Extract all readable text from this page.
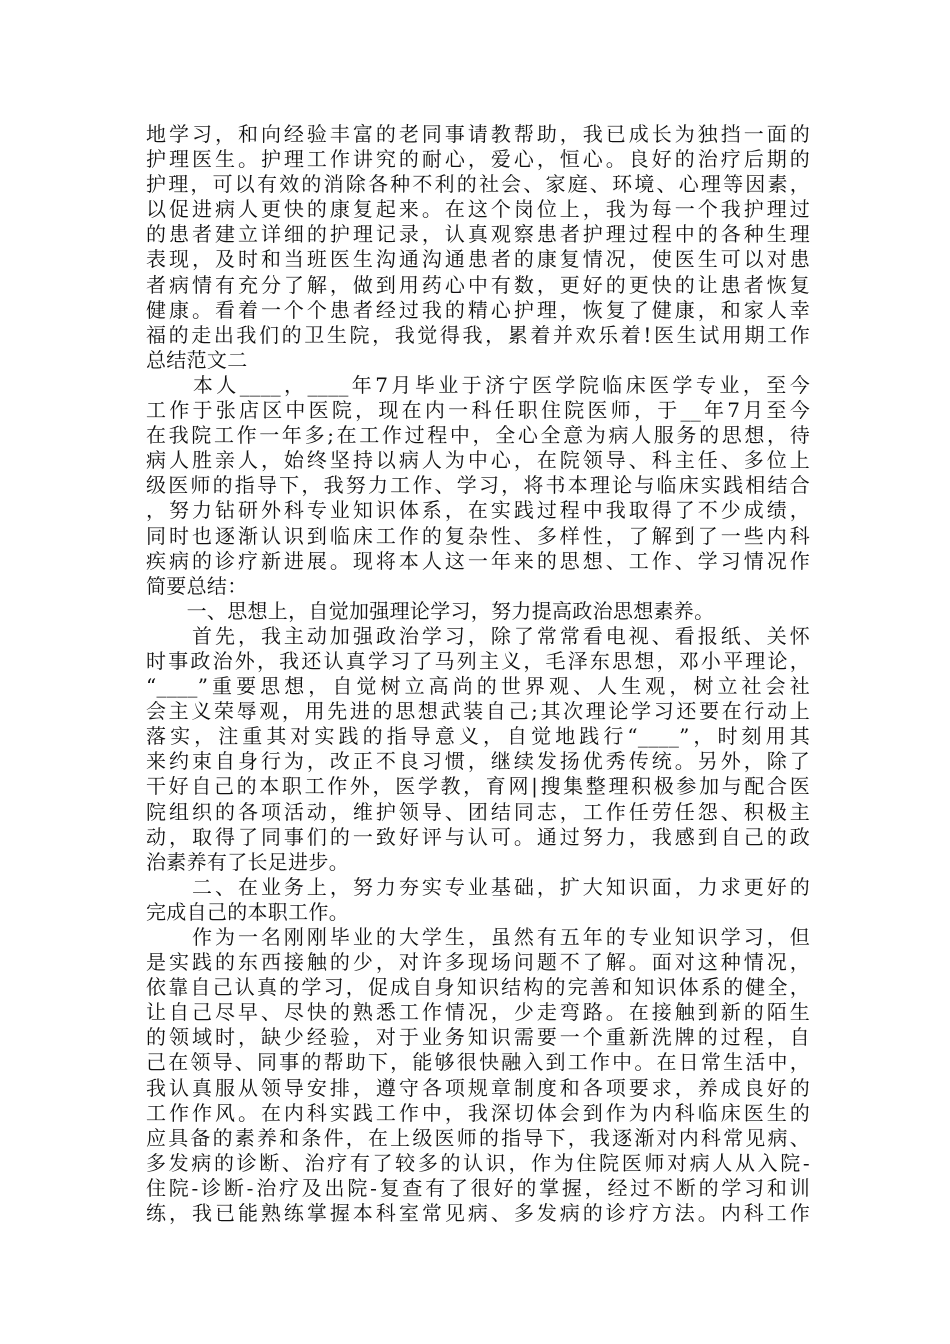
地学习，和向经验丰富的老同事请教帮助，我已成长为独挡一面的
护理医生。护理工作讲究的耐心，爱心，恒心。良好的治疗后期的
护理，可以有效的消除各种不利的社会、家庭、环境、心理等因素，
以促进病人更快的康复起来。在这个岗位上，我为每一个我护理过
的患者建立详细的护理记录，认真观察患者护理过程中的各种生理
表现，及时和当班医生沟通沟通患者的康复情况，使医生可以对患
者病情有充分了解，做到用药心中有数，更好的更快的让患者恢复
健康。看着一个个患者经过我的精心护理，恢复了健康，和家人幸
福的走出我们的卫生院，我觉得我，累着并欢乐着!医生试用期工作
总结范文二
　　本人____，____年7月毕业于济宁医学院临床医学专业，至今
工作于张店区中医院，现在内一科任职住院医师，于__年7月至今
在我院工作一年多;在工作过程中，全心全意为病人服务的思想，待
病人胜亲人，始终坚持以病人为中心，在院领导、科主任、多位上
级医师的指导下，我努力工作、学习，将书本理论与临床实践相结合
，努力钻研外科专业知识体系，在实践过程中我取得了不少成绩，
同时也逐渐认识到临床工作的复杂性、多样性，了解到了一些内科
疾病的诊疗新进展。现将本人这一年来的思想、工作、学习情况作
简要总结：
　　一、思想上，自觉加强理论学习，努力提高政治思想素养。
　　首先，我主动加强政治学习，除了常常看电视、看报纸、关怀
时事政治外，我还认真学习了马列主义，毛泽东思想，邓小平理论，
“____”重要思想，自觉树立高尚的世界观、人生观，树立社会社
会主义荣辱观，用先进的思想武装自己;其次理论学习还要在行动上
落实，注重其对实践的指导意义，自觉地践行“____”，时刻用其
来约束自身行为，改正不良习惯，继续发扬优秀传统。另外，除了
干好自己的本职工作外，医学教，育网|搜集整理积极参加与配合医
院组织的各项活动，维护领导、团结同志，工作任劳任怨、积极主
动，取得了同事们的一致好评与认可。通过努力，我感到自己的政
治素养有了长足进步。
　　二、在业务上，努力夯实专业基础，扩大知识面，力求更好的
完成自己的本职工作。
　　作为一名刚刚毕业的大学生，虽然有五年的专业知识学习，但
是实践的东西接触的少，对许多现场问题不了解。面对这种情况，
依靠自己认真的学习，促成自身知识结构的完善和知识体系的健全，
让自己尽早、尽快的熟悉工作情况，少走弯路。在接触到新的陌生
的领域时，缺少经验，对于业务知识需要一个重新洗牌的过程，自
己在领导、同事的帮助下，能够很快融入到工作中。在日常生活中，
我认真服从领导安排，遵守各项规章制度和各项要求，养成良好的
工作作风。在内科实践工作中，我深切体会到作为内科临床医生的
应具备的素养和条件，在上级医师的指导下，我逐渐对内科常见病、
多发病的诊断、治疗有了较多的认识，作为住院医师对病人从入院-
住院-诊断-治疗及出院-复查有了很好的掌握，经过不断的学习和训
练，我已能熟练掌握本科室常见病、多发病的诊疗方法。内科工作
